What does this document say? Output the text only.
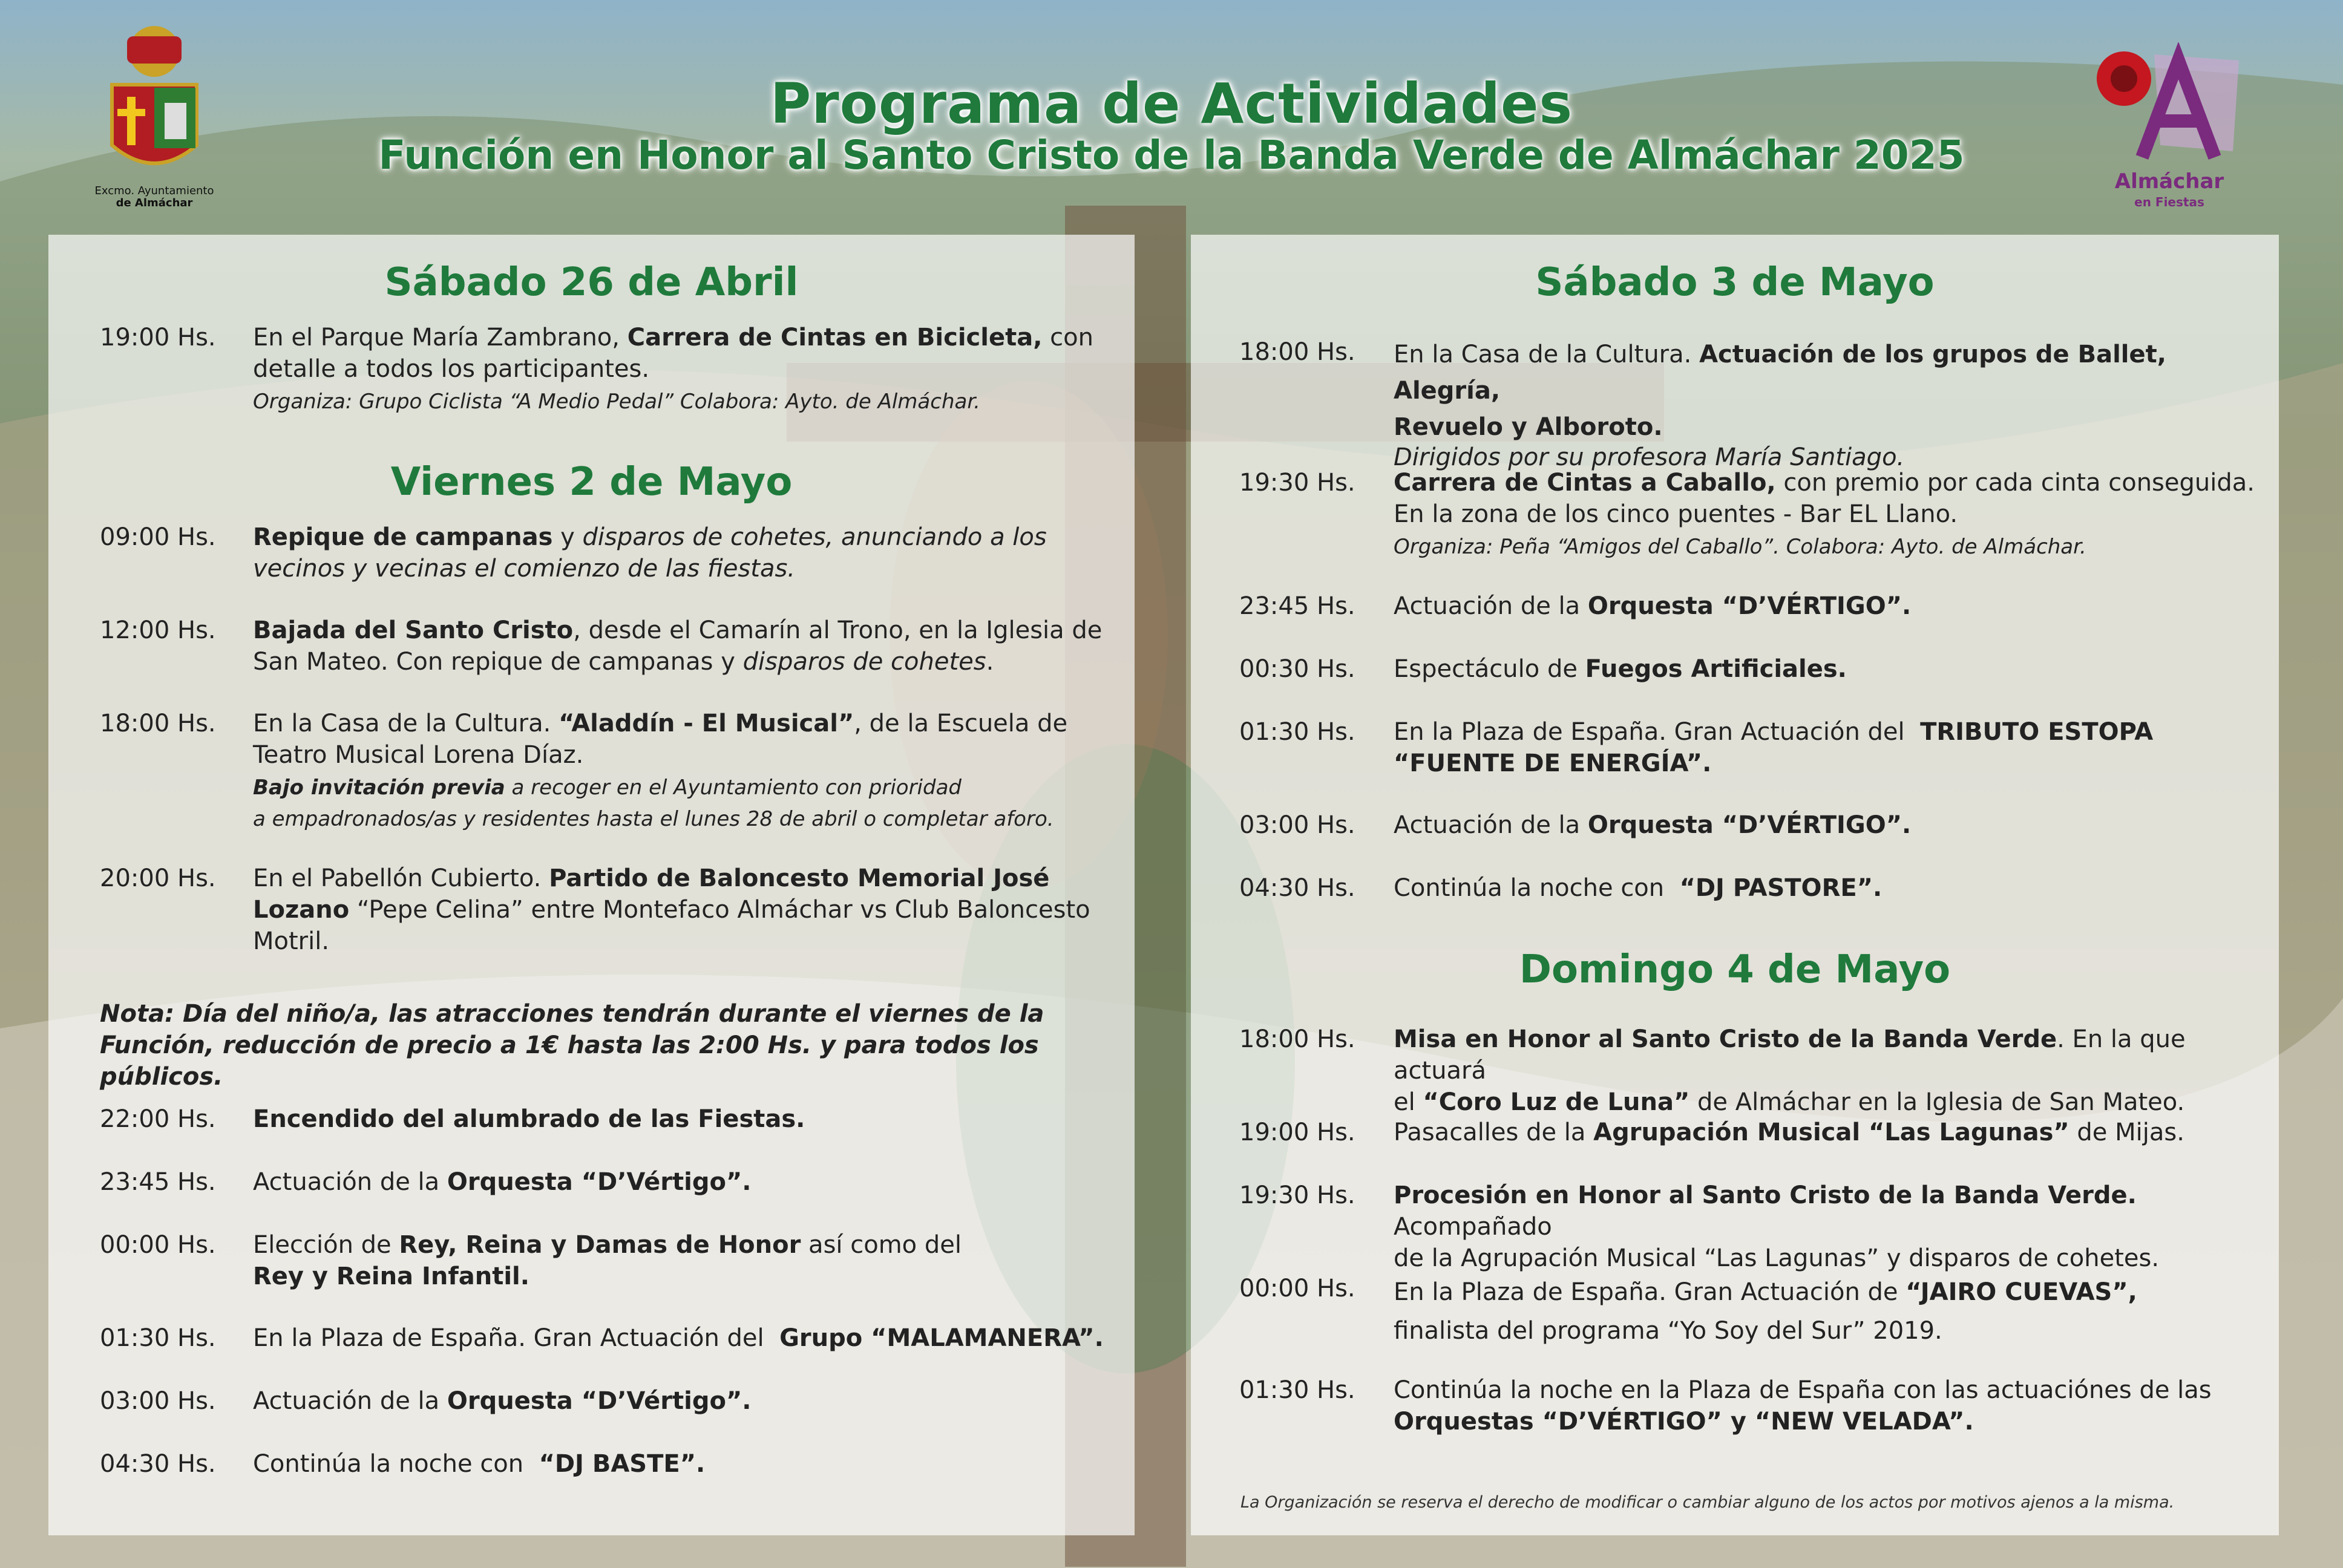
Excmo. Ayuntamiento
de Almáchar
Almáchar
en Fiestas
Programa de Actividades
Función en Honor al Santo Cristo de la Banda Verde de Almáchar 2025
Sábado 26 de Abril
19:00 Hs.	En el Parque María Zambrano, Carrera de Cintas en Bicicleta, con
detalle a todos los participantes.
Organiza: Grupo Ciclista “A Medio Pedal” Colabora: Ayto. de Almáchar.
Viernes 2 de Mayo
09:00 Hs.	Repique de campanas y disparos de cohetes, anunciando a los
vecinos y vecinas el comienzo de las fiestas.
12:00 Hs.	Bajada del Santo Cristo, desde el Camarín al Trono, en la Iglesia de
San Mateo. Con repique de campanas y disparos de cohetes.
18:00 Hs.	En la Casa de la Cultura. “Aladdín - El Musical”, de la Escuela de
Teatro Musical Lorena Díaz.
Bajo invitación previa a recoger en el Ayuntamiento con prioridad
a empadronados/as y residentes hasta el lunes 28 de abril o completar aforo.
20:00 Hs.	En el Pabellón Cubierto. Partido de Baloncesto Memorial José
Lozano “Pepe Celina” entre Montefaco Almáchar vs Club Baloncesto
Motril.
Nota: Día del niño/a, las atracciones tendrán durante el viernes de la
Función, reducción de precio a 1€ hasta las 2:00 Hs. y para todos los públicos.
22:00 Hs.	Encendido del alumbrado de las Fiestas.
23:45 Hs.	Actuación de la Orquesta “D’Vértigo”.
00:00 Hs.	Elección de Rey, Reina y Damas de Honor así como del
Rey y Reina Infantil.
01:30 Hs.	En la Plaza de España. Gran Actuación del  Grupo “MALAMANERA”.
03:00 Hs.	Actuación de la Orquesta “D’Vértigo”.
04:30 Hs.	Continúa la noche con  “DJ BASTE”.
Sábado 3 de Mayo
18:00 Hs.	En la Casa de la Cultura. Actuación de los grupos de Ballet, Alegría,
Revuelo y Alboroto.
Dirigidos por su profesora María Santiago.
19:30 Hs.	Carrera de Cintas a Caballo, con premio por cada cinta conseguida.
En la zona de los cinco puentes - Bar EL Llano.
Organiza: Peña “Amigos del Caballo”. Colabora: Ayto. de Almáchar.
23:45 Hs.	Actuación de la Orquesta “D’VÉRTIGO”.
00:30 Hs.	Espectáculo de Fuegos Artificiales.
01:30 Hs.	En la Plaza de España. Gran Actuación del  TRIBUTO ESTOPA
“FUENTE DE ENERGÍA”.
03:00 Hs.	Actuación de la Orquesta “D’VÉRTIGO”.
04:30 Hs.	Continúa la noche con  “DJ PASTORE”.
Domingo 4 de Mayo
18:00 Hs.	Misa en Honor al Santo Cristo de la Banda Verde. En la que actuará
el “Coro Luz de Luna” de Almáchar en la Iglesia de San Mateo.
19:00 Hs.	Pasacalles de la Agrupación Musical “Las Lagunas” de Mijas.
19:30 Hs.	Procesión en Honor al Santo Cristo de la Banda Verde. Acompañado
de la Agrupación Musical “Las Lagunas” y disparos de cohetes.
00:00 Hs.	En la Plaza de España. Gran Actuación de “JAIRO CUEVAS”,
finalista del programa “Yo Soy del Sur” 2019.
01:30 Hs.	Continúa la noche en la Plaza de España con las actuaciónes de las
Orquestas “D’VÉRTIGO” y “NEW VELADA”.
La Organización se reserva el derecho de modificar o cambiar alguno de los actos por motivos ajenos a la misma.
